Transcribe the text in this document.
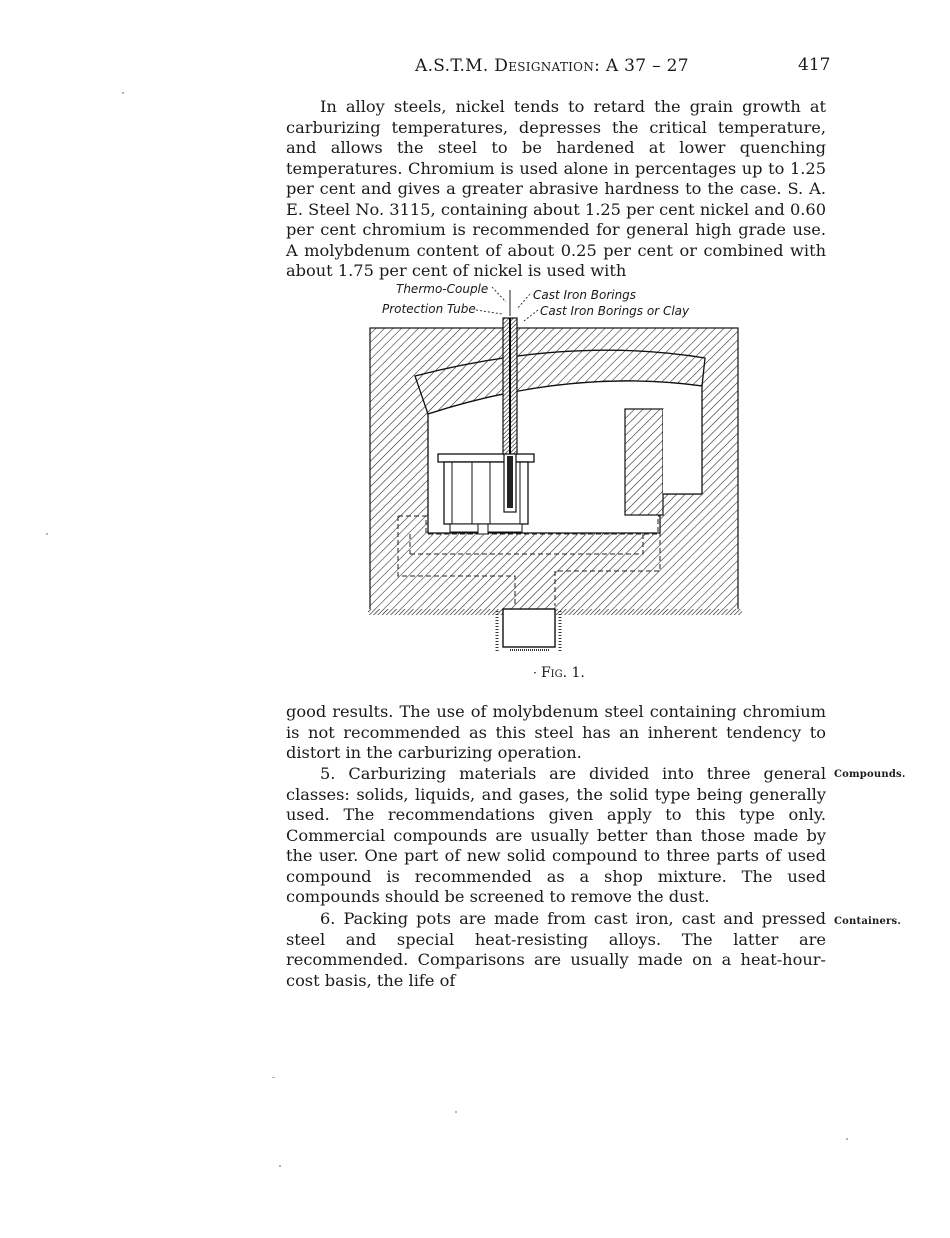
A.S.T.M. Designation: A 37 – 27	417

In alloy steels, nickel tends to retard the grain growth at carburizing temperatures, depresses the critical temperature, and allows the steel to be hardened at lower quenching temperatures. Chromium is used alone in percentages up to 1.25 per cent and gives a greater abrasive hardness to the case. S. A. E. Steel No. 3115, containing about 1.25 per cent nickel and 0.60 per cent chromium is recommended for general high grade use. A molybdenum content of about 0.25 per cent or combined with about 1.75 per cent of nickel is used with

Thermo-Couple
Protection Tube
Cast Iron Borings
Cast Iron Borings or Clay
· Fig. 1.

good results. The use of molybdenum steel containing chromium is not recommended as this steel has an inherent tendency to distort in the carburizing operation.

5. Carburizing materials are divided into three general classes: solids, liquids, and gases, the solid type being generally used. The recommendations given apply to this type only. Commercial compounds are usually better than those made by the user. One part of new solid compound to three parts of used compound is recommended as a shop mixture. The used compounds should be screened to remove the dust.

Compounds.

6. Packing pots are made from cast iron, cast and pressed steel and special heat-resisting alloys. The latter are recommended. Comparisons are usually made on a heat-hour-cost basis, the life of

Containers.
